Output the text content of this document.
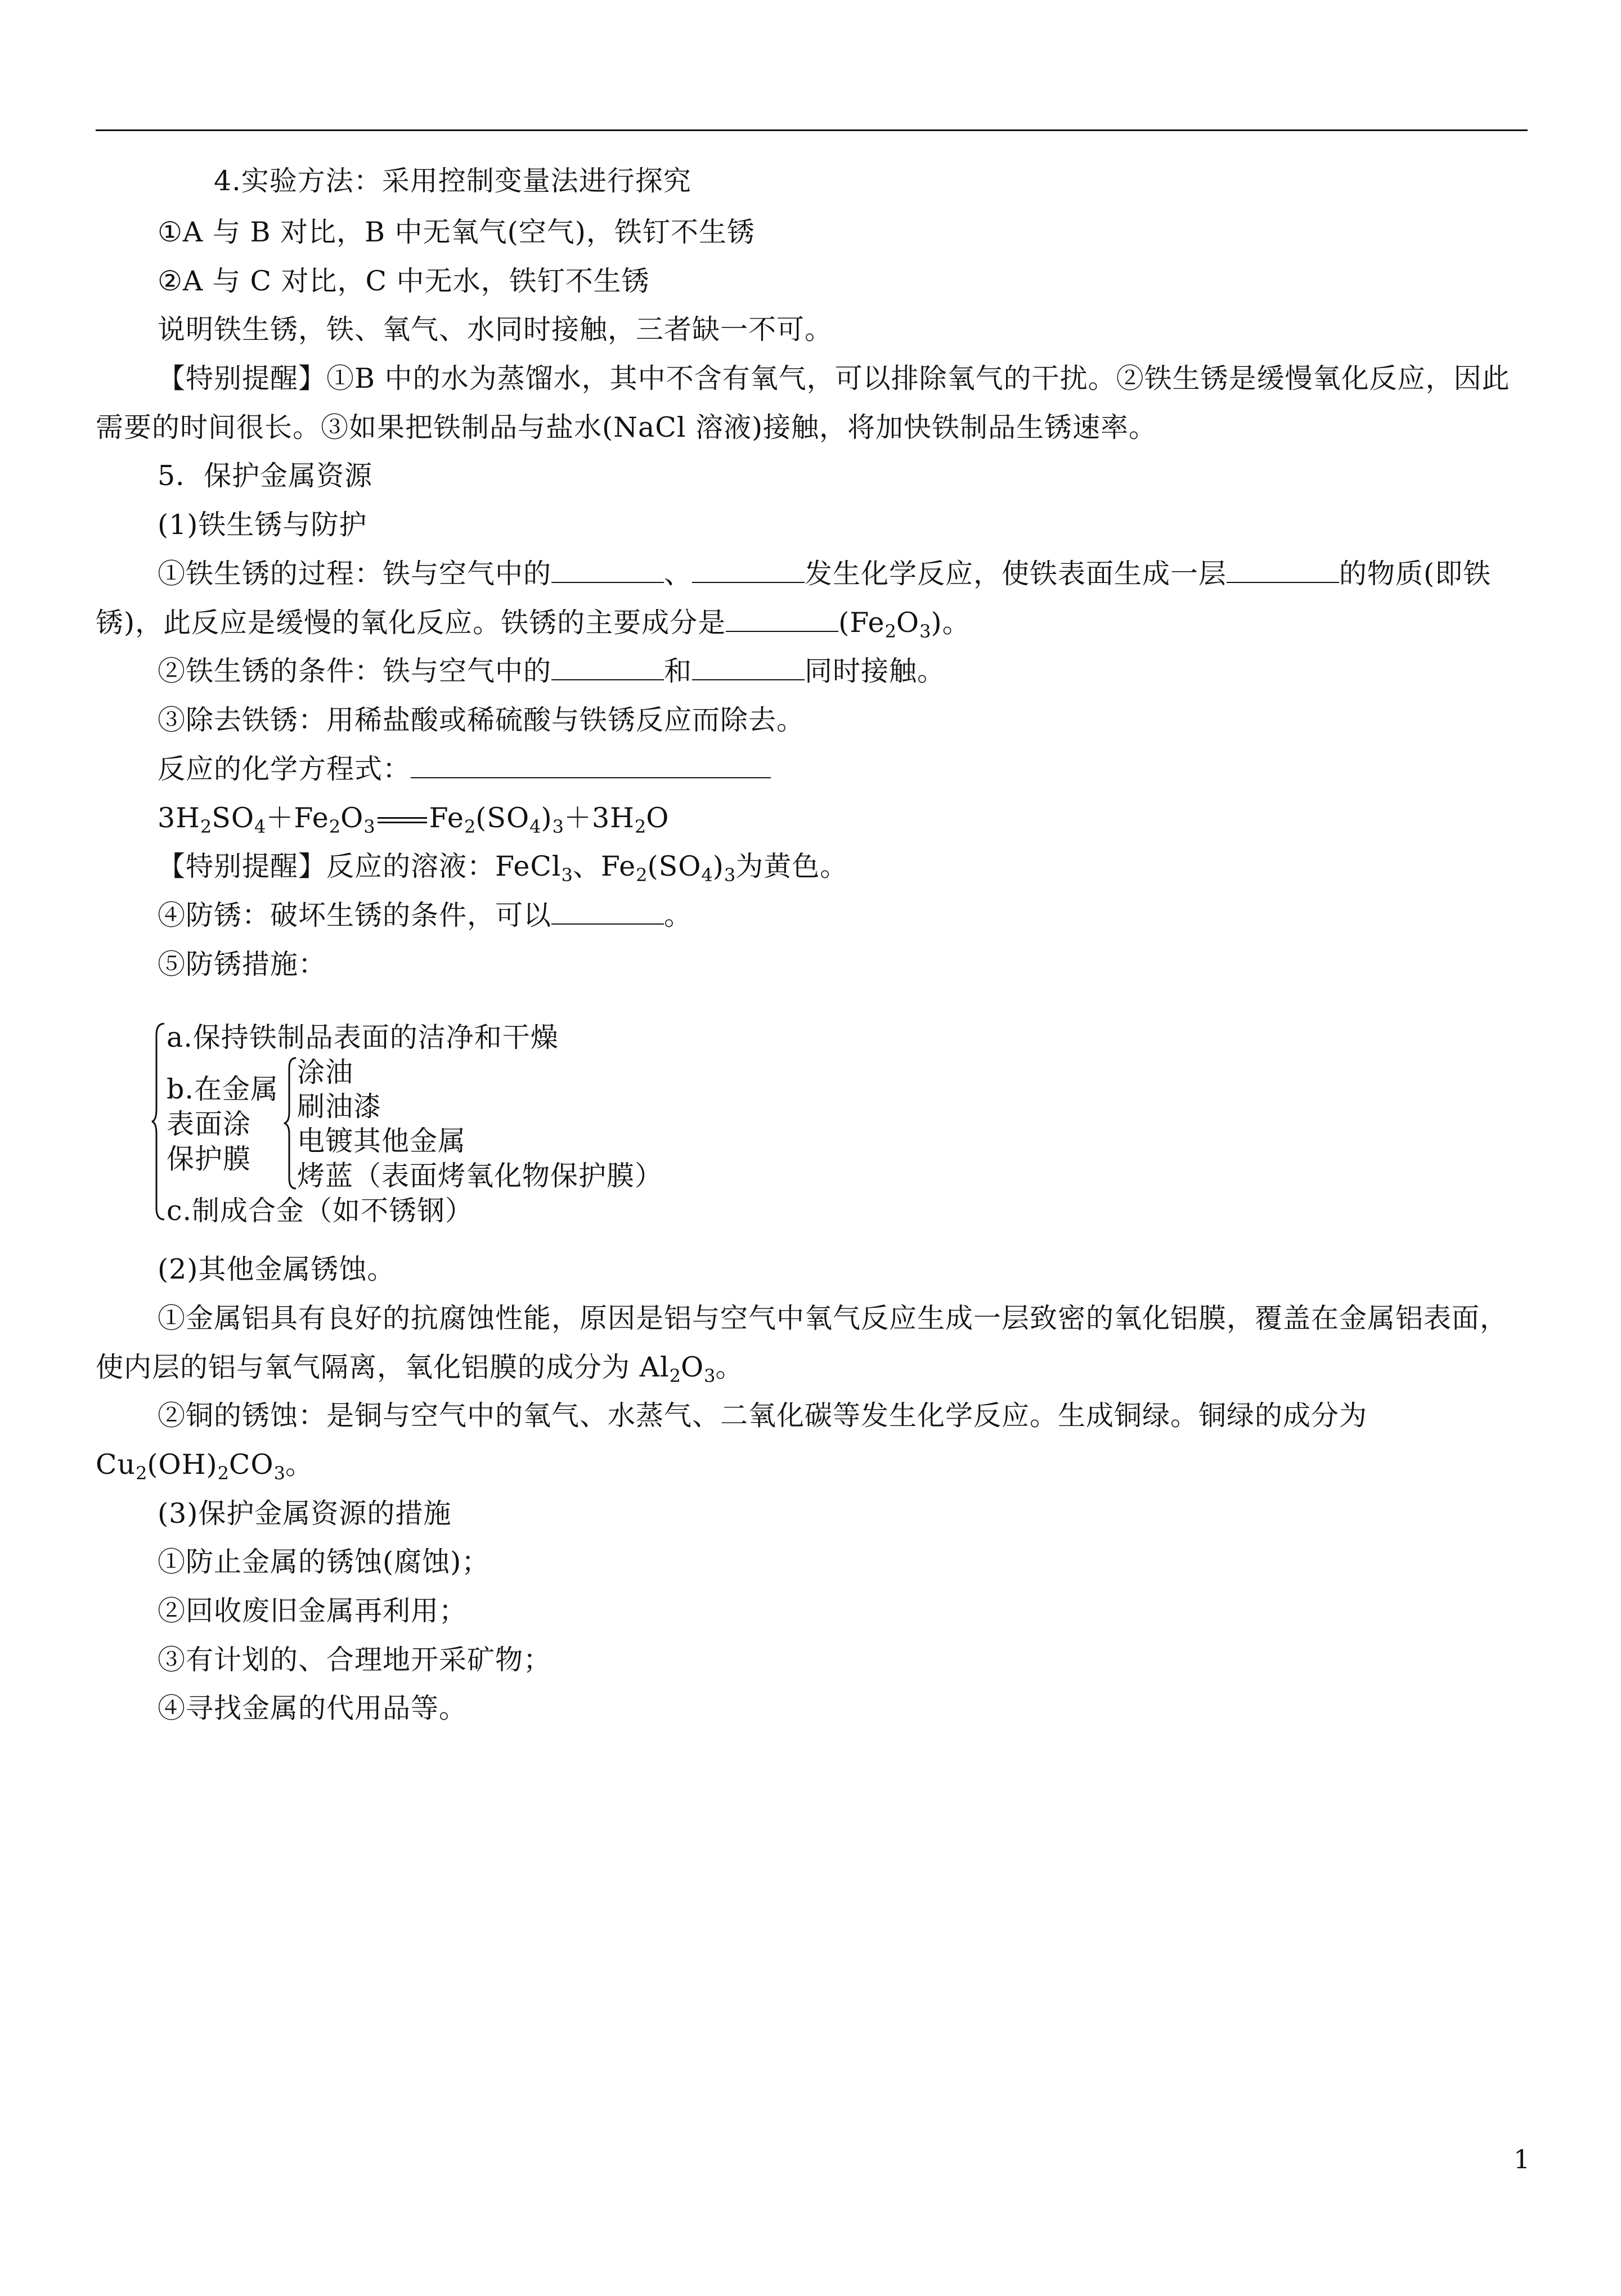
4.实验方法：采用控制变量法进行探究
①A 与 B 对比，B 中无氧气(空气)，铁钉不生锈
②A 与 C 对比，C 中无水，铁钉不生锈
说明铁生锈，铁、氧气、水同时接触，三者缺一不可。
【特别提醒】①B 中的水为蒸馏水，其中不含有氧气，可以排除氧气的干扰。②铁生锈是缓慢氧化反应，因此
需要的时间很长。③如果把铁制品与盐水(NaCl 溶液)接触，将加快铁制品生锈速率。
5．保护金属资源
(1)铁生锈与防护
①铁生锈的过程：铁与空气中的	、	发生化学反应，使铁表面生成一层	的物质(即铁
锈)，此反应是缓慢的氧化反应。铁锈的主要成分是	$(Fe_2O_3)$。
②铁生锈的条件：铁与空气中的	和	同时接触。
③除去铁锈：用稀盐酸或稀硫酸与铁锈反应而除去。
反应的化学方程式：
$3H_2SO_4+Fe_2O_3$ $Fe_2(SO_4)_3+3H_2O$
【特别提醒】反应的溶液：FeCl$_3$、$Fe_2(SO_4)_3$为黄色。
④防锈：破坏生锈的条件，可以	。
⑤防锈措施：
a.保持铁制品表面的洁净和干燥
b.在金属
表面涂
保护膜
涂油
刷油漆
电镀其他金属
烤蓝（表面烤氧化物保护膜）
c.制成合金（如不锈钢）
(2)其他金属锈蚀。
①金属铝具有良好的抗腐蚀性能，原因是铝与空气中氧气反应生成一层致密的氧化铝膜，覆盖在金属铝表面，
使内层的铝与氧气隔离，氧化铝膜的成分为 $Al_2O_3$。
②铜的锈蚀：是铜与空气中的氧气、水蒸气、二氧化碳等发生化学反应。生成铜绿。铜绿的成分为
$Cu_2(OH)_2CO_3$。
(3)保护金属资源的措施
①防止金属的锈蚀(腐蚀)；
②回收废旧金属再利用；
③有计划的、合理地开采矿物；
④寻找金属的代用品等。
1
